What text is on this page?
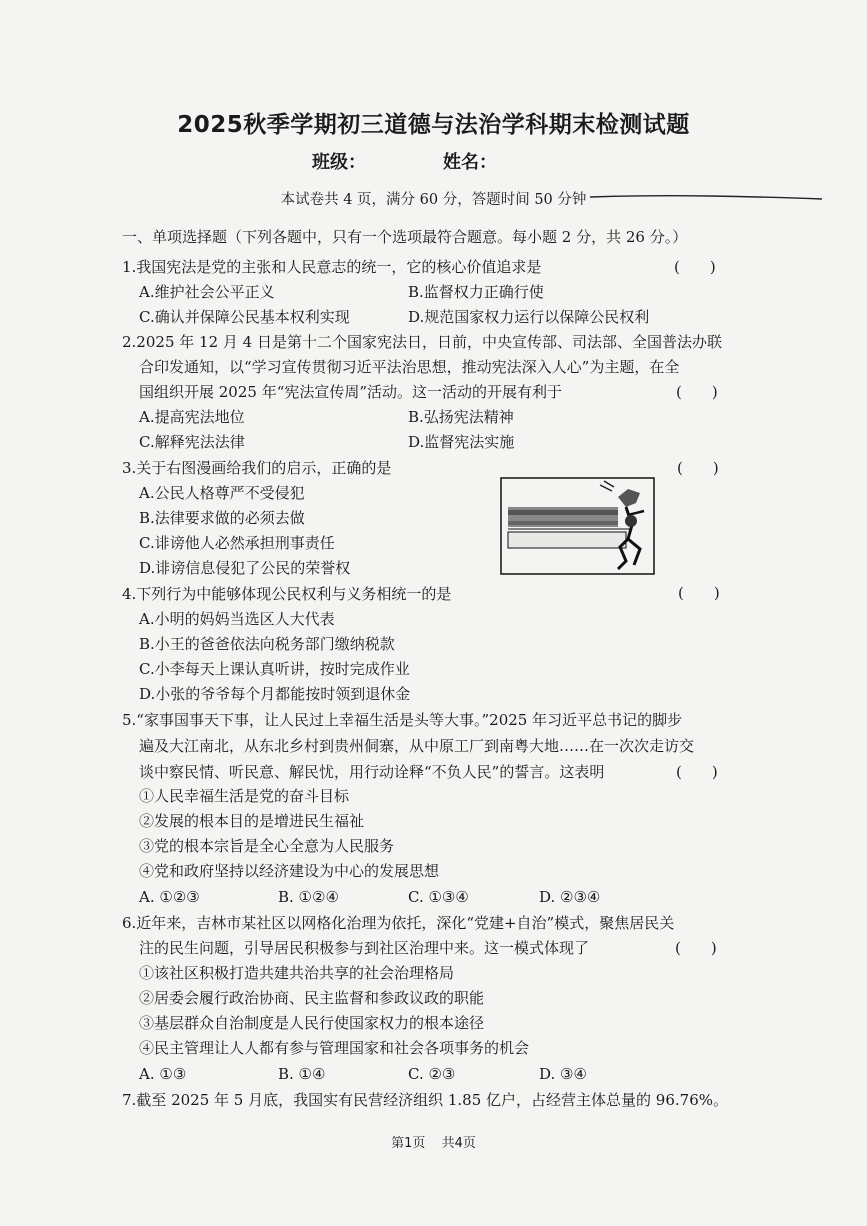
2025秋季学期初三道德与法治学科期末检测试题
班级：	姓名：
本试卷共 4 页，满分 60 分，答题时间 50 分钟
一、单项选择题（下列各题中，只有一个选项最符合题意。每小题 2 分，共 26 分。）
1.我国宪法是党的主张和人民意志的统一，它的核心价值追求是	(　　)
A.维护社会公平正义	B.监督权力正确行使
C.确认并保障公民基本权利实现	D.规范国家权力运行以保障公民权利
2.2025 年 12 月 4 日是第十二个国家宪法日，日前，中央宣传部、司法部、全国普法办联
合印发通知，以“学习宣传贯彻习近平法治思想，推动宪法深入人心”为主题，在全
国组织开展 2025 年“宪法宣传周”活动。这一活动的开展有利于	(　　)
A.提高宪法地位	B.弘扬宪法精神
C.解释宪法法律	D.监督宪法实施
3.关于右图漫画给我们的启示，正确的是	(　　)
A.公民人格尊严不受侵犯
B.法律要求做的必须去做
C.诽谤他人必然承担刑事责任
D.诽谤信息侵犯了公民的荣誉权
4.下列行为中能够体现公民权利与义务相统一的是	(　　)
A.小明的妈妈当选区人大代表
B.小王的爸爸依法向税务部门缴纳税款
C.小李每天上课认真听讲，按时完成作业
D.小张的爷爷每个月都能按时领到退休金
5.“家事国事天下事，让人民过上幸福生活是头等大事。”2025 年习近平总书记的脚步
遍及大江南北，从东北乡村到贵州侗寨，从中原工厂到南粤大地……在一次次走访交
谈中察民情、听民意、解民忧，用行动诠释“不负人民”的誓言。这表明	(　　)
①人民幸福生活是党的奋斗目标
②发展的根本目的是增进民生福祉
③党的根本宗旨是全心全意为人民服务
④党和政府坚持以经济建设为中心的发展思想
A. ①②③	B. ①②④	C. ①③④	D. ②③④
6.近年来，吉林市某社区以网格化治理为依托，深化“党建+自治”模式，聚焦居民关
注的民生问题，引导居民积极参与到社区治理中来。这一模式体现了	(　　)
①该社区积极打造共建共治共享的社会治理格局
②居委会履行政治协商、民主监督和参政议政的职能
③基层群众自治制度是人民行使国家权力的根本途径
④民主管理让人人都有参与管理国家和社会各项事务的机会
A. ①③	B. ①④	C. ②③	D. ③④
7.截至 2025 年 5 月底，我国实有民营经济组织 1.85 亿户，占经营主体总量的 96.76%。
第1页 共4页
